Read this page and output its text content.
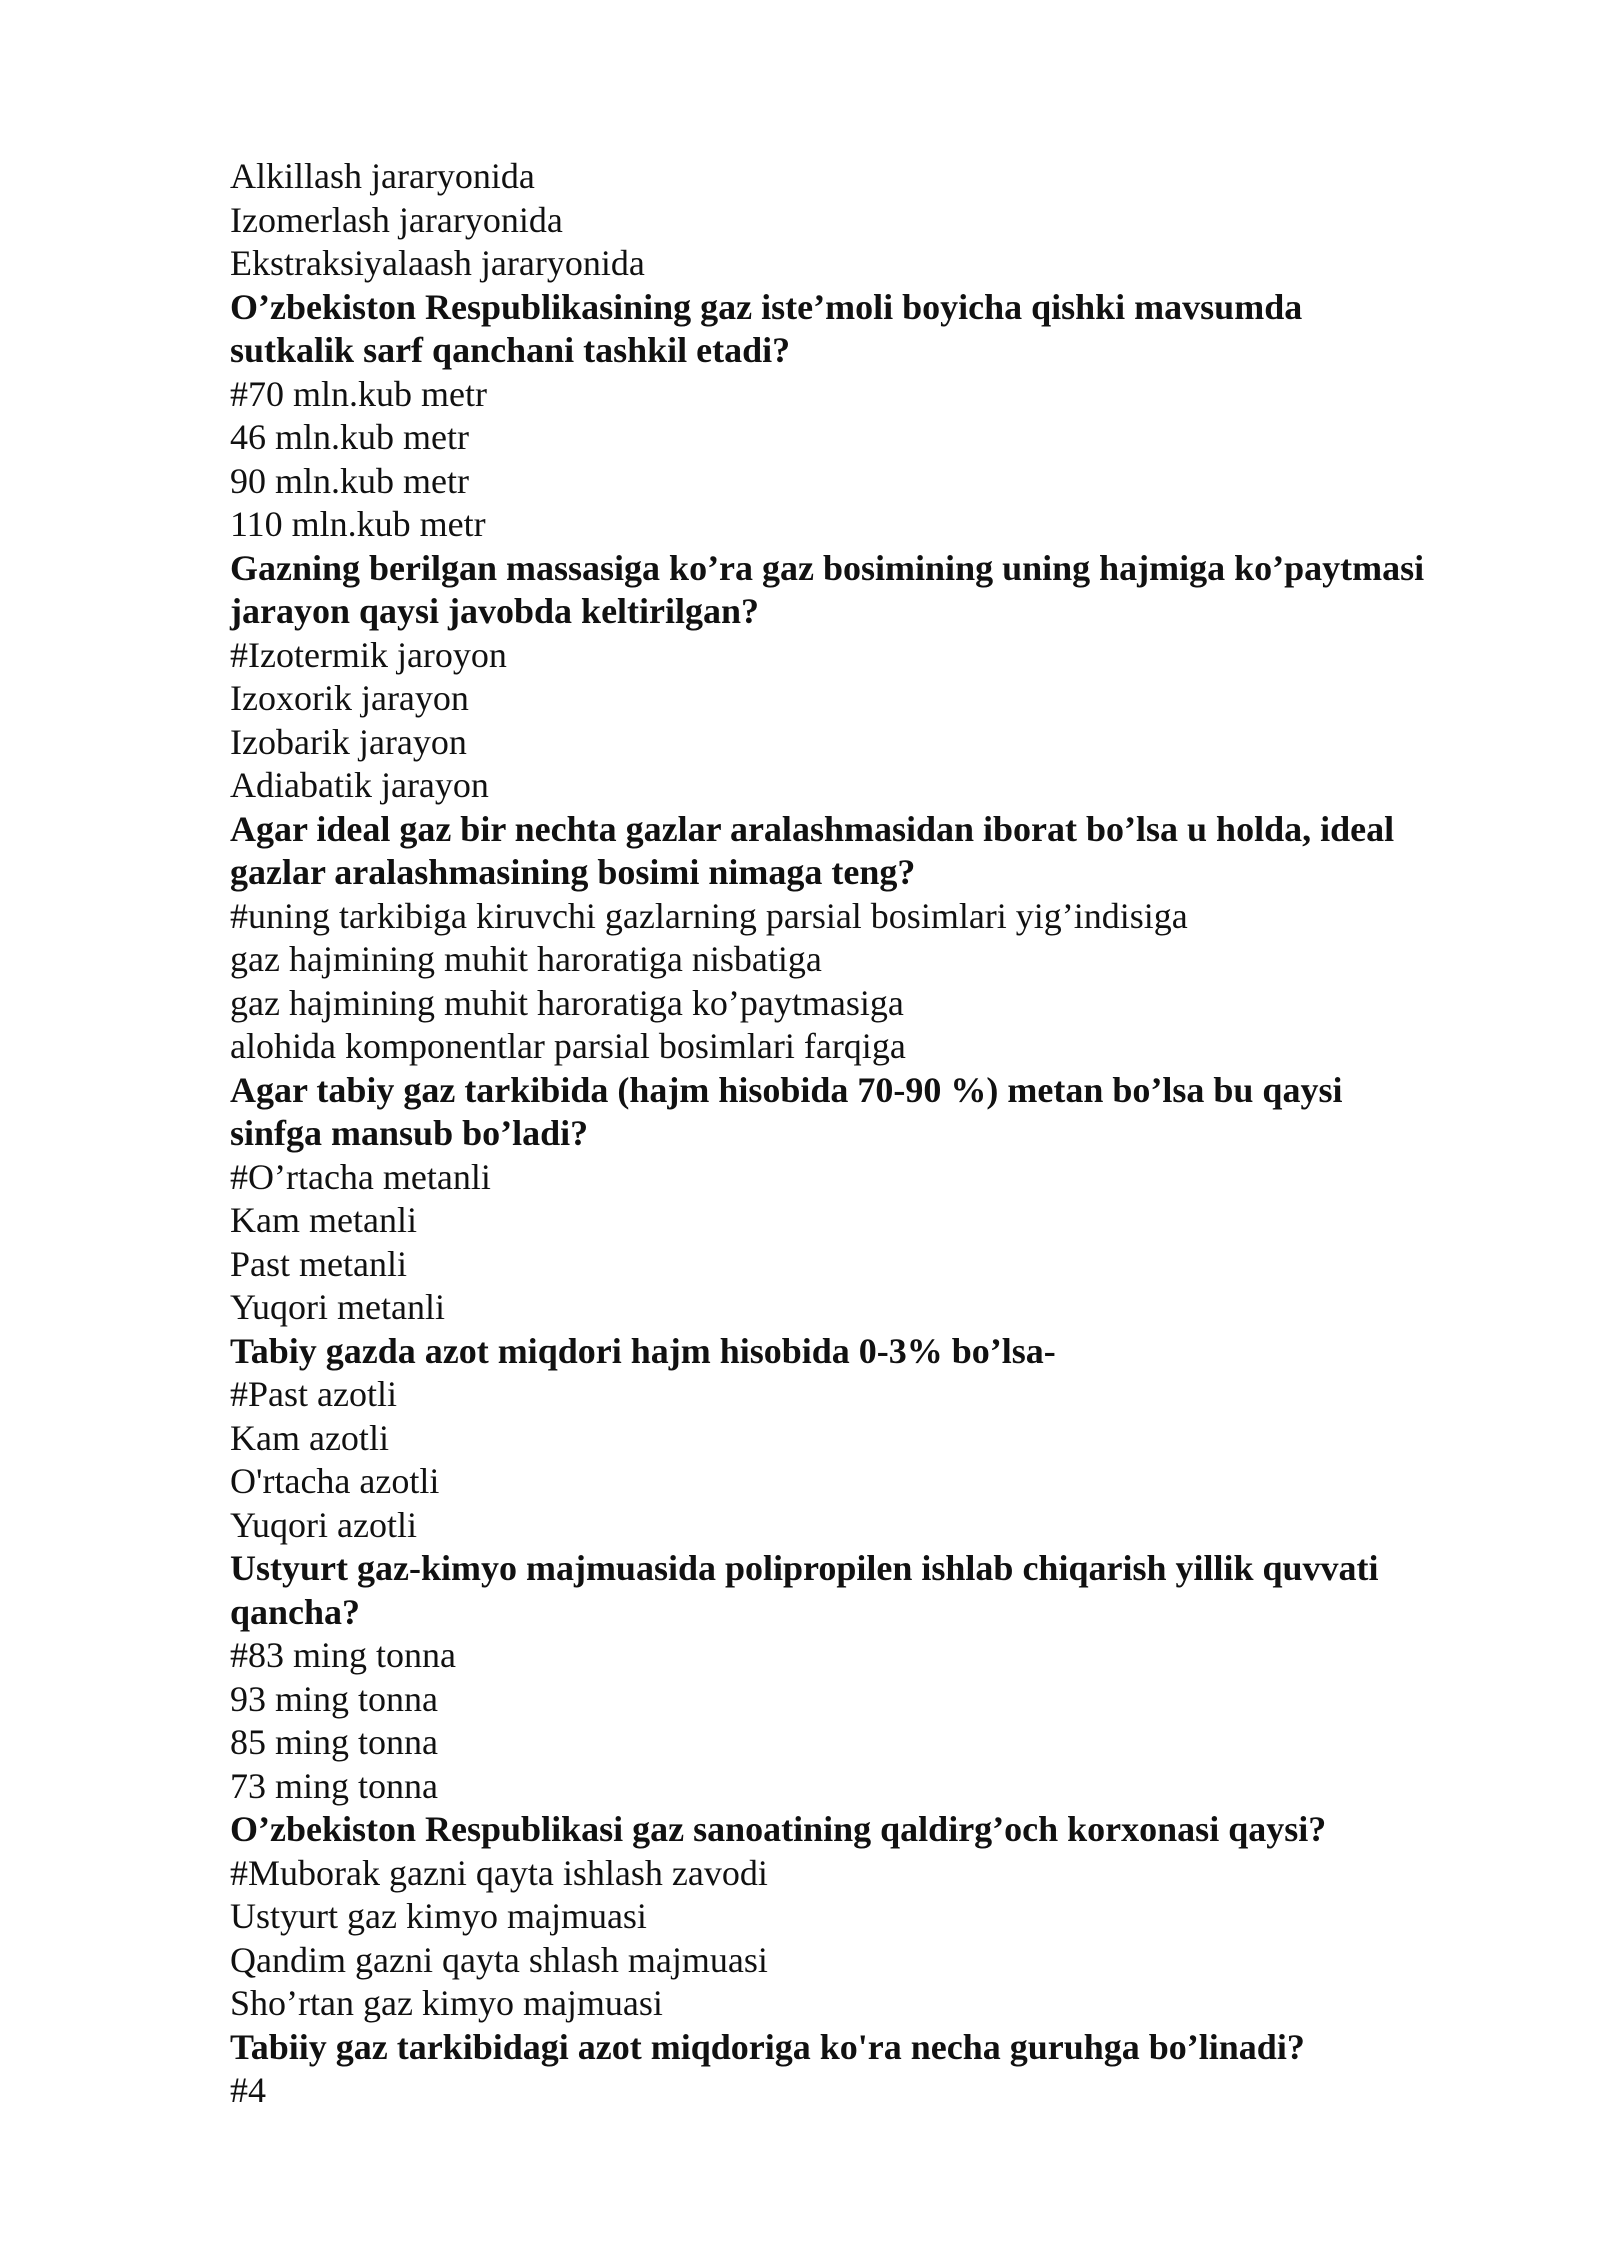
Alkillash jararyonida
Izomerlash jararyonida
Ekstraksiyalaash jararyonida
O’zbekiston Respublikasining gaz iste’moli boyicha qishki mavsumda
sutkalik sarf qanchani tashkil etadi?
#70 mln.kub metr
46 mln.kub metr
90 mln.kub metr
110 mln.kub metr
Gazning berilgan massasiga ko’ra gaz bosimining uning hajmiga ko’paytmasi
jarayon qaysi javobda keltirilgan?
#Izotermik jaroyon
Izoxorik jarayon
Izobarik jarayon
Adiabatik jarayon
Agar ideal gaz bir nechta gazlar aralashmasidan iborat bo’lsa u holda, ideal
gazlar aralashmasining bosimi nimaga teng?
#uning tarkibiga kiruvchi gazlarning parsial bosimlari yig’indisiga
gaz hajmining muhit haroratiga nisbatiga
gaz hajmining muhit haroratiga ko’paytmasiga
alohida komponentlar parsial bosimlari farqiga
Agar tabiy gaz tarkibida (hajm hisobida 70-90 %) metan bo’lsa bu qaysi
sinfga mansub bo’ladi?
#O’rtacha metanli
Kam metanli
Past metanli
Yuqori metanli
Tabiy gazda azot miqdori hajm hisobida 0-3% bo’lsa-
#Past azotli
Kam azotli
O'rtacha azotli
Yuqori azotli
Ustyurt gaz-kimyo majmuasida polipropilen ishlab chiqarish yillik quvvati
qancha?
#83 ming tonna
93 ming tonna
85 ming tonna
73 ming tonna
O’zbekiston Respublikasi gaz sanoatining qaldirg’och korxonasi qaysi?
#Muborak gazni qayta ishlash zavodi
Ustyurt gaz kimyo majmuasi
Qandim gazni qayta shlash majmuasi
Sho’rtan gaz kimyo majmuasi
Tabiiy gaz tarkibidagi azot miqdoriga ko'ra necha guruhga bo’linadi?
#4
